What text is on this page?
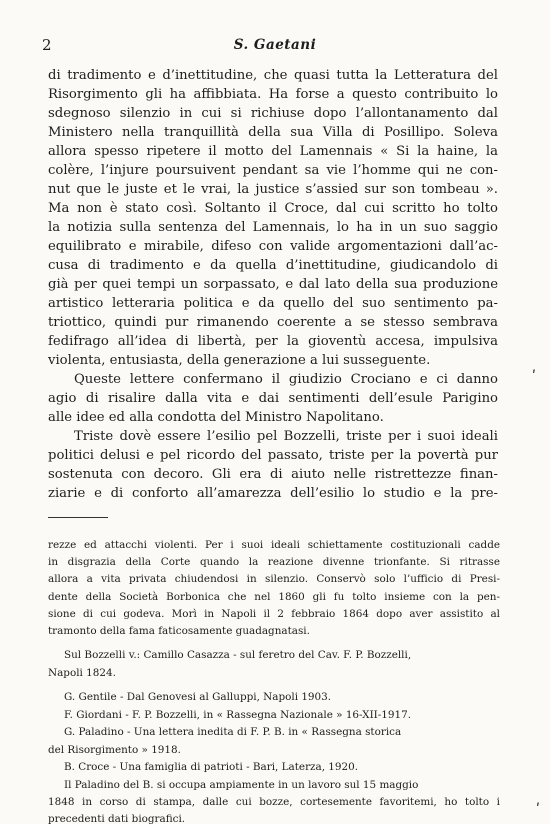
2	S. Gaetani
di tradimento e d’inettitudine, che quasi tutta la Letteratura del
Risorgimento gli ha affibbiata. Ha forse a questo contribuito lo
sdegnoso silenzio in cui si richiuse dopo l’allontanamento dal
Ministero nella tranquillità della sua Villa di Posillipo. Soleva
allora spesso ripetere il motto del Lamennais « Si la haine, la
colère, l’injure poursuivent pendant sa vie l’homme qui ne con-
nut que le juste et le vrai, la justice s’assied sur son tombeau ».
Ma non è stato così. Soltanto il Croce, dal cui scritto ho tolto
la notizia sulla sentenza del Lamennais, lo ha in un suo saggio
equilibrato e mirabile, difeso con valide argomentazioni dall’ac-
cusa di tradimento e da quella d’inettitudine, giudicandolo di
già per quei tempi un sorpassato, e dal lato della sua produzione
artistico letteraria politica e da quello del suo sentimento pa-
triottico, quindi pur rimanendo coerente a se stesso sembrava
fedifrago all’idea di libertà, per la gioventù accesa, impulsiva
violenta, entusiasta, della generazione a lui susseguente.
Queste lettere confermano il giudizio Crociano e ci danno
agio di risalire dalla vita e dai sentimenti dell’esule Parigino
alle idee ed alla condotta del Ministro Napolitano.
Triste dovè essere l’esilio pel Bozzelli, triste per i suoi ideali
politici delusi e pel ricordo del passato, triste per la povertà pur
sostenuta con decoro. Gli era di aiuto nelle ristrettezze finan-
ziarie e di conforto all’amarezza dell’esilio lo studio e la pre-
rezze ed attacchi violenti. Per i suoi ideali schiettamente costituzionali cadde
in disgrazia della Corte quando la reazione divenne trionfante. Si ritrasse
allora a vita privata chiudendosi in silenzio. Conservò solo l’ufficio di Presi-
dente della Società Borbonica che nel 1860 gli fu tolto insieme con la pen-
sione di cui godeva. Morì in Napoli il 2 febbraio 1864 dopo aver assistito al
tramonto della fama faticosamente guadagnatasi.
Sul Bozzelli v.: Camillo Casazza - sul feretro del Cav. F. P. Bozzelli,
Napoli 1824.
G. Gentile - Dal Genovesi al Galluppi, Napoli 1903.
F. Giordani - F. P. Bozzelli, in « Rassegna Nazionale » 16-XII-1917.
G. Paladino - Una lettera inedita di F. P. B. in « Rassegna storica
del Risorgimento » 1918.
B. Croce - Una famiglia di patrioti - Bari, Laterza, 1920.
Il Paladino del B. si occupa ampiamente in un lavoro sul 15 maggio
1848 in corso di stampa, dalle cui bozze, cortesemente favoritemi, ho tolto i
precedenti dati biografici.
ʹ
ʹ
